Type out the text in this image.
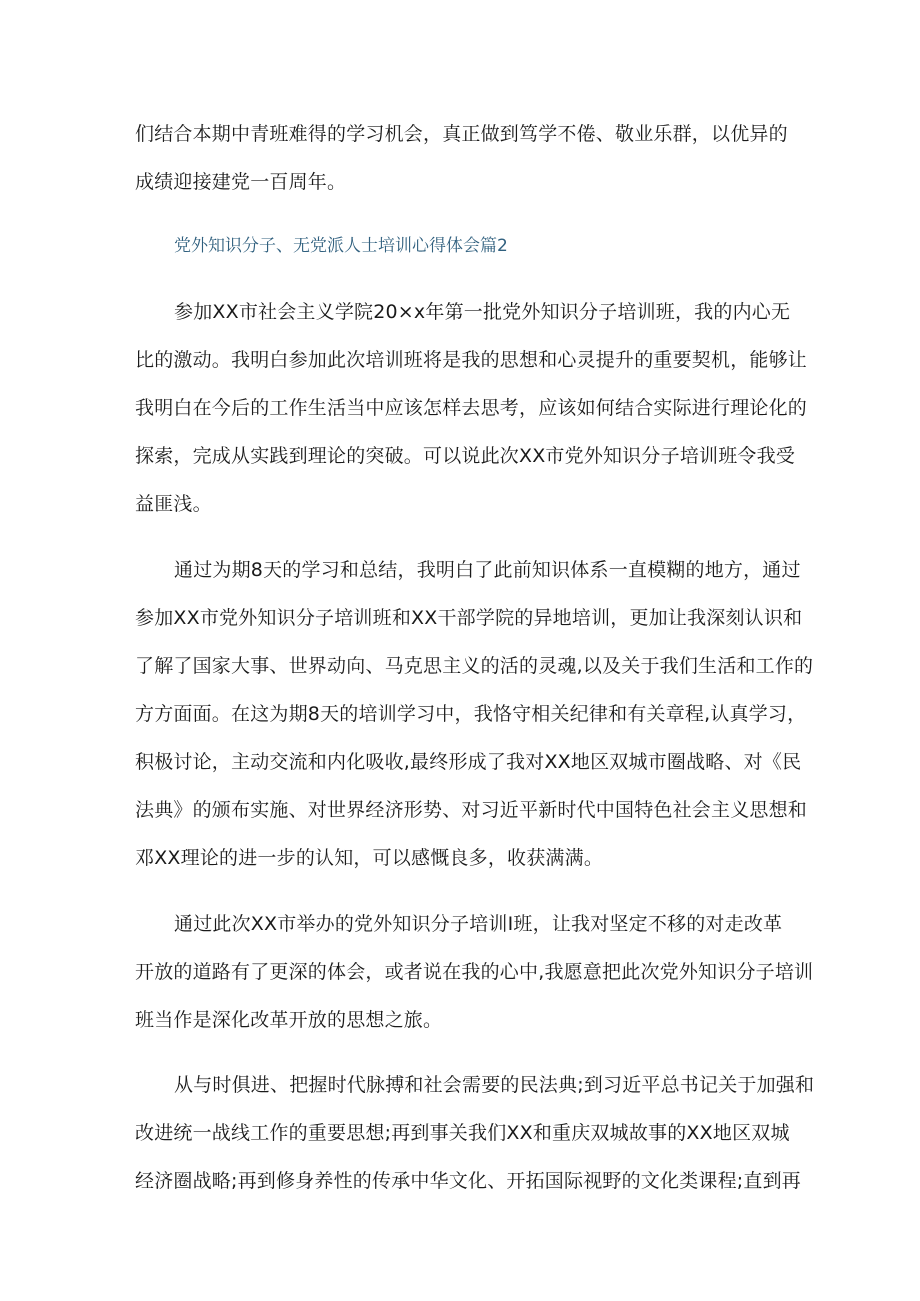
们结合本期中青班难得的学习机会，真正做到笃学不倦、敬业乐群，以优异的
成绩迎接建党一百周年。
党外知识分子、无党派人士培训心得体会篇2
参加XX市社会主义学院20×x年第一批党外知识分子培训班，我的内心无
比的激动。我明白参加此次培训班将是我的思想和心灵提升的重要契机，能够让
我明白在今后的工作生活当中应该怎样去思考，应该如何结合实际进行理论化的
探索，完成从实践到理论的突破。可以说此次XX市党外知识分子培训班令我受
益匪浅。
通过为期8天的学习和总结，我明白了此前知识体系一直模糊的地方，通过
参加XX市党外知识分子培训班和XX干部学院的异地培训，更加让我深刻认识和
了解了国家大事、世界动向、马克思主义的活的灵魂,以及关于我们生活和工作的
方方面面。在这为期8天的培训学习中，我恪守相关纪律和有关章程,认真学习，
积极讨论，主动交流和内化吸收,最终形成了我对XX地区双城市圈战略、对《民
法典》的颁布实施、对世界经济形势、对习近平新时代中国特色社会主义思想和
邓XX理论的进一步的认知，可以感慨良多，收获满满。
通过此次XX市举办的党外知识分子培训I班，让我对坚定不移的对走改革
开放的道路有了更深的体会，或者说在我的心中,我愿意把此次党外知识分子培训
班当作是深化改革开放的思想之旅。
从与时俱进、把握时代脉搏和社会需要的民法典;到习近平总书记关于加强和
改进统一战线工作的重要思想;再到事关我们XX和重庆双城故事的XX地区双城
经济圈战略;再到修身养性的传承中华文化、开拓国际视野的文化类课程;直到再
